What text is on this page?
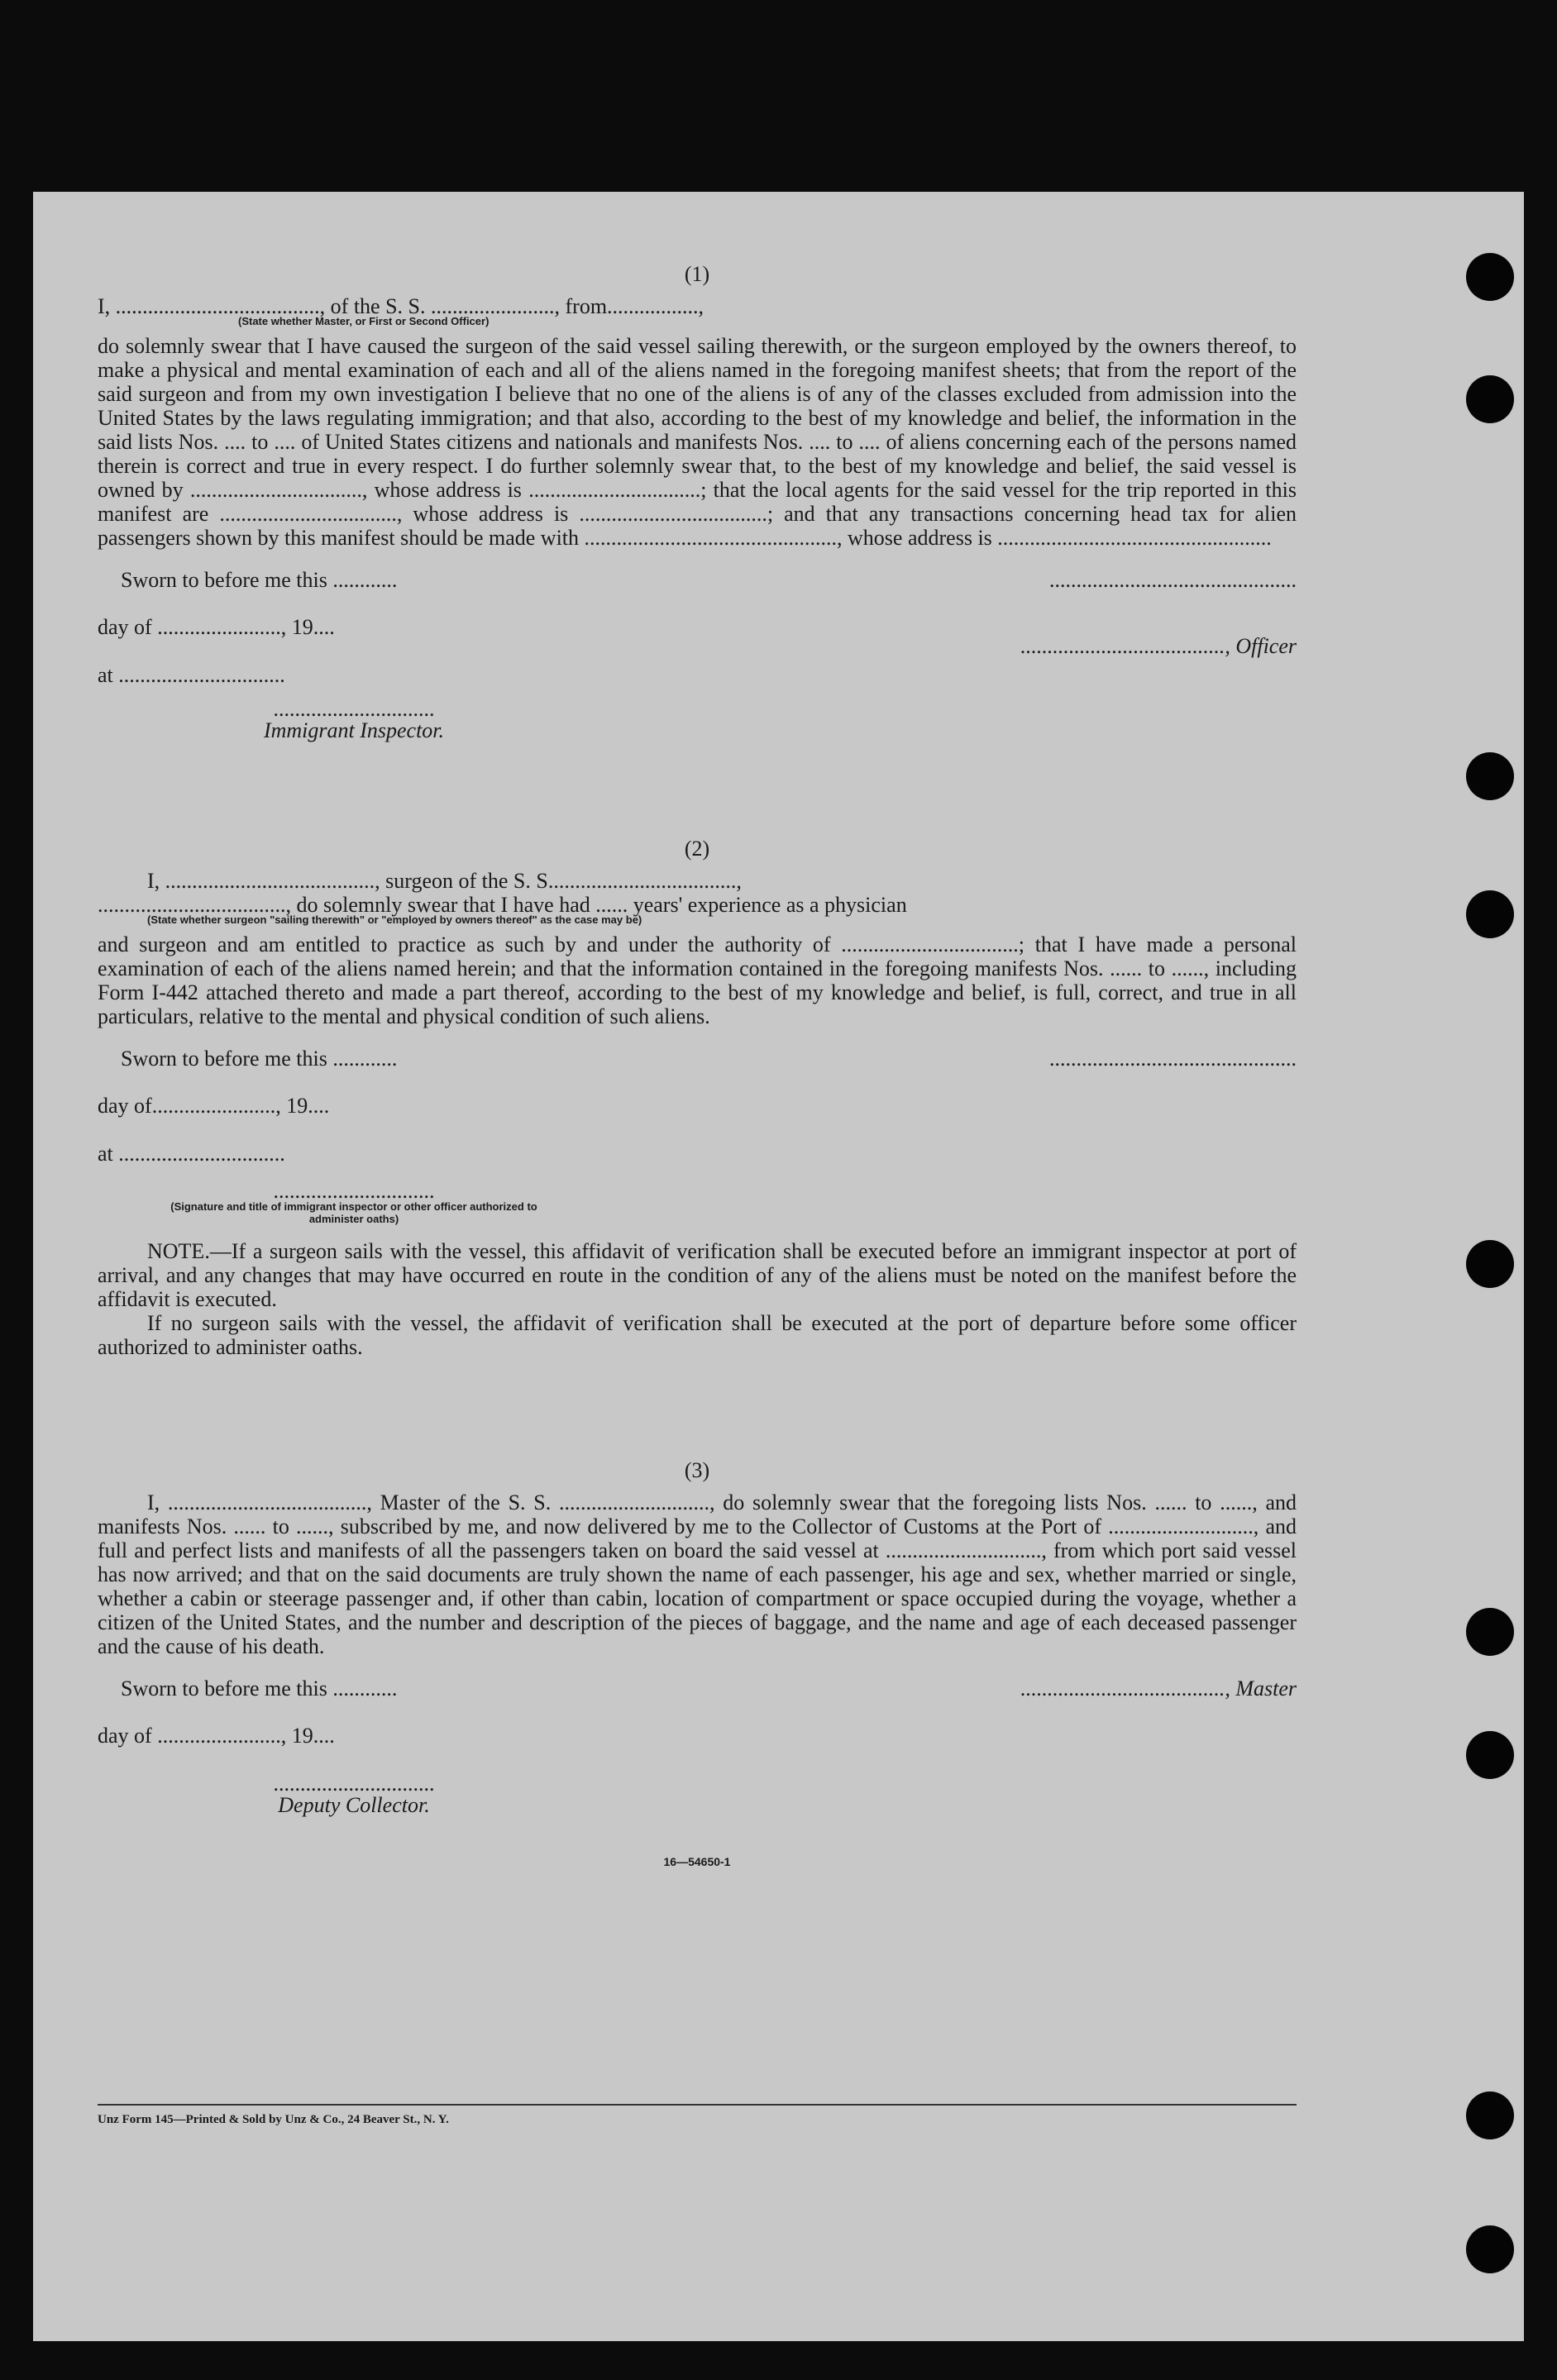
(1)
I, ......................................, of the S. S. ......................., from.................,
(State whether Master, or First or Second Officer)

do solemnly swear that I have caused the surgeon of the said vessel sailing therewith, or the surgeon employed by the owners thereof, to make a physical and mental examination of each and all of the aliens named in the foregoing manifest sheets; that from the report of the said surgeon and from my own investigation I believe that no one of the aliens is of any of the classes excluded from admission into the United States by the laws regulating immigration; and that also, according to the best of my knowledge and belief, the information in the said lists Nos. .... to .... of United States citizens and nationals and manifests Nos. .... to .... of aliens concerning each of the persons named therein is correct and true in every respect. I do further solemnly swear that, to the best of my knowledge and belief, the said vessel is owned by ................................, whose address is ................................; that the local agents for the said vessel for the trip reported in this manifest are ................................., whose address is ...................................; and that any transactions concerning head tax for alien passengers shown by this manifest should be made with ..............................................., whose address is ...................................................

Sworn to before me this ............	..............................................
day of ......................., 19....
......................................, Officer
at ...............................
..............................
Immigrant Inspector.
(2)
I, ......................................., surgeon of the S. S...................................,
..................................., do solemnly swear that I have had ...... years' experience as a physician
(State whether surgeon "sailing therewith" or "employed by owners thereof" as the case may be)

and surgeon and am entitled to practice as such by and under the authority of .................................; that I have made a personal examination of each of the aliens named herein; and that the information contained in the foregoing manifests Nos. ...... to ......, including Form I-442 attached thereto and made a part thereof, according to the best of my knowledge and belief, is full, correct, and true in all particulars, relative to the mental and physical condition of such aliens.

Sworn to before me this ............	..............................................
day of......................., 19....
at ...............................
..............................
(Signature and title of immigrant inspector or other officer authorized to administer oaths)

NOTE.—If a surgeon sails with the vessel, this affidavit of verification shall be executed before an immigrant inspector at port of arrival, and any changes that may have occurred en route in the condition of any of the aliens must be noted on the manifest before the affidavit is executed.

If no surgeon sails with the vessel, the affidavit of verification shall be executed at the port of departure before some officer authorized to administer oaths.

(3)

I, ....................................., Master of the S. S. ............................, do solemnly swear that the foregoing lists Nos. ...... to ......, and manifests Nos. ...... to ......, subscribed by me, and now delivered by me to the Collector of Customs at the Port of ..........................., and full and perfect lists and manifests of all the passengers taken on board the said vessel at ............................., from which port said vessel has now arrived; and that on the said documents are truly shown the name of each passenger, his age and sex, whether married or single, whether a cabin or steerage passenger and, if other than cabin, location of compartment or space occupied during the voyage, whether a citizen of the United States, and the number and description of the pieces of baggage, and the name and age of each deceased passenger and the cause of his death.

Sworn to before me this ............	......................................, Master
day of ......................., 19....
..............................
Deputy Collector.
16—54650-1
Unz Form 145—Printed & Sold by Unz & Co., 24 Beaver St., N. Y.
